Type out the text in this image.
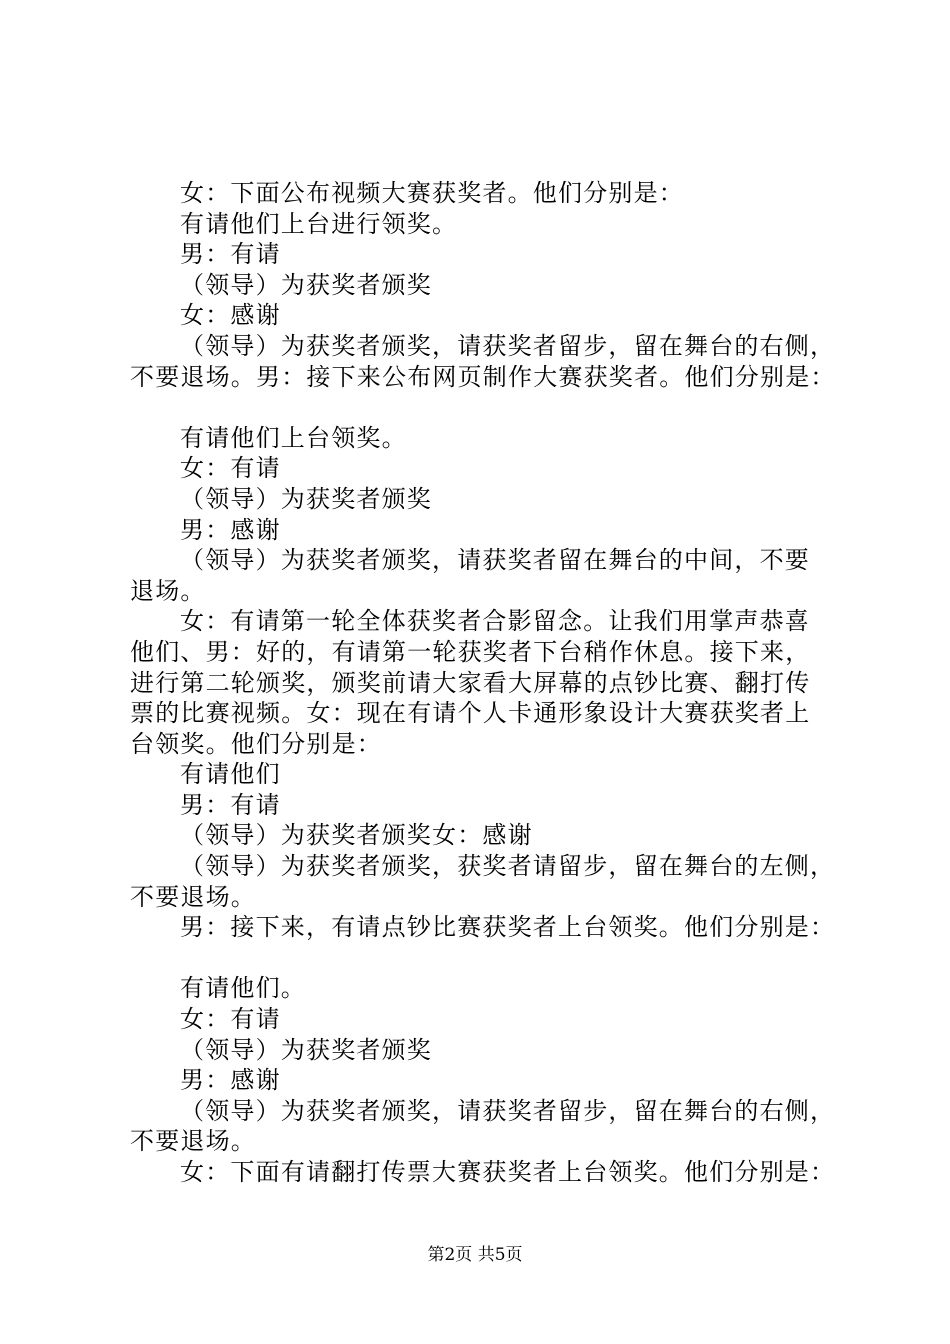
女：下面公布视频大赛获奖者。他们分别是：
有请他们上台进行领奖。
男：有请
（领导）为获奖者颁奖
女：感谢
（领导）为获奖者颁奖，请获奖者留步，留在舞台的右侧，
不要退场。男：接下来公布网页制作大赛获奖者。他们分别是：
有请他们上台领奖。
女：有请
（领导）为获奖者颁奖
男：感谢
（领导）为获奖者颁奖，请获奖者留在舞台的中间，不要
退场。
女：有请第一轮全体获奖者合影留念。让我们用掌声恭喜
他们、男：好的，有请第一轮获奖者下台稍作休息。接下来，
进行第二轮颁奖，颁奖前请大家看大屏幕的点钞比赛、翻打传
票的比赛视频。女：现在有请个人卡通形象设计大赛获奖者上
台领奖。他们分别是：
有请他们
男：有请
（领导）为获奖者颁奖女：感谢
（领导）为获奖者颁奖，获奖者请留步，留在舞台的左侧，
不要退场。
男：接下来，有请点钞比赛获奖者上台领奖。他们分别是：
有请他们。
女：有请
（领导）为获奖者颁奖
男：感谢
（领导）为获奖者颁奖，请获奖者留步，留在舞台的右侧，
不要退场。
女：下面有请翻打传票大赛获奖者上台领奖。他们分别是：
第2页 共5页
